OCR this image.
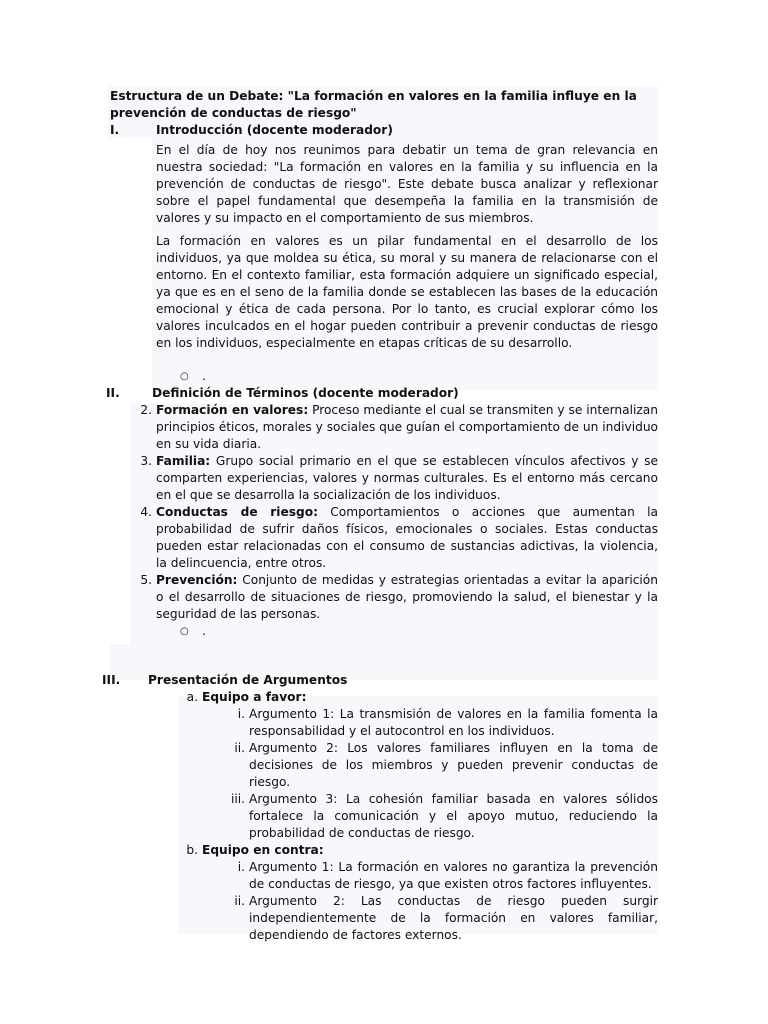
Estructura de un Debate: "La formación en valores en la familia influye en la prevención de conductas de riesgo"

I.	Introducción (docente moderador)
En el día de hoy nos reunimos para debatir un tema de gran relevancia en nuestra sociedad: "La formación en valores en la familia y su influencia en la prevención de conductas de riesgo". Este debate busca analizar y reflexionar sobre el papel fundamental que desempeña la familia en la transmisión de valores y su impacto en el comportamiento de sus miembros.
La formación en valores es un pilar fundamental en el desarrollo de los individuos, ya que moldea su ética, su moral y su manera de relacionarse con el entorno. En el contexto familiar, esta formación adquiere un significado especial, ya que es en el seno de la familia donde se establecen las bases de la educación emocional y ética de cada persona. Por lo tanto, es crucial explorar cómo los valores inculcados en el hogar pueden contribuir a prevenir conductas de riesgo en los individuos, especialmente en etapas críticas de su desarrollo.
○ .
II.	Definición de Términos (docente moderador)
2. Formación en valores: Proceso mediante el cual se transmiten y se internalizan principios éticos, morales y sociales que guían el comportamiento de un individuo en su vida diaria.
3. Familia: Grupo social primario en el que se establecen vínculos afectivos y se comparten experiencias, valores y normas culturales. Es el entorno más cercano en el que se desarrolla la socialización de los individuos.
4. Conductas de riesgo: Comportamientos o acciones que aumentan la probabilidad de sufrir daños físicos, emocionales o sociales. Estas conductas pueden estar relacionadas con el consumo de sustancias adictivas, la violencia, la delincuencia, entre otros.
5. Prevención: Conjunto de medidas y estrategias orientadas a evitar la aparición o el desarrollo de situaciones de riesgo, promoviendo la salud, el bienestar y la seguridad de las personas.
○ .
III. Presentación de Argumentos
a. Equipo a favor:
i. Argumento 1: La transmisión de valores en la familia fomenta la responsabilidad y el autocontrol en los individuos.
ii. Argumento 2: Los valores familiares influyen en la toma de decisiones de los miembros y pueden prevenir conductas de riesgo.
iii. Argumento 3: La cohesión familiar basada en valores sólidos fortalece la comunicación y el apoyo mutuo, reduciendo la probabilidad de conductas de riesgo.
b. Equipo en contra:
i. Argumento 1: La formación en valores no garantiza la prevención de conductas de riesgo, ya que existen otros factores influyentes.
ii. Argumento 2: Las conductas de riesgo pueden surgir independientemente de la formación en valores familiar, dependiendo de factores externos.
